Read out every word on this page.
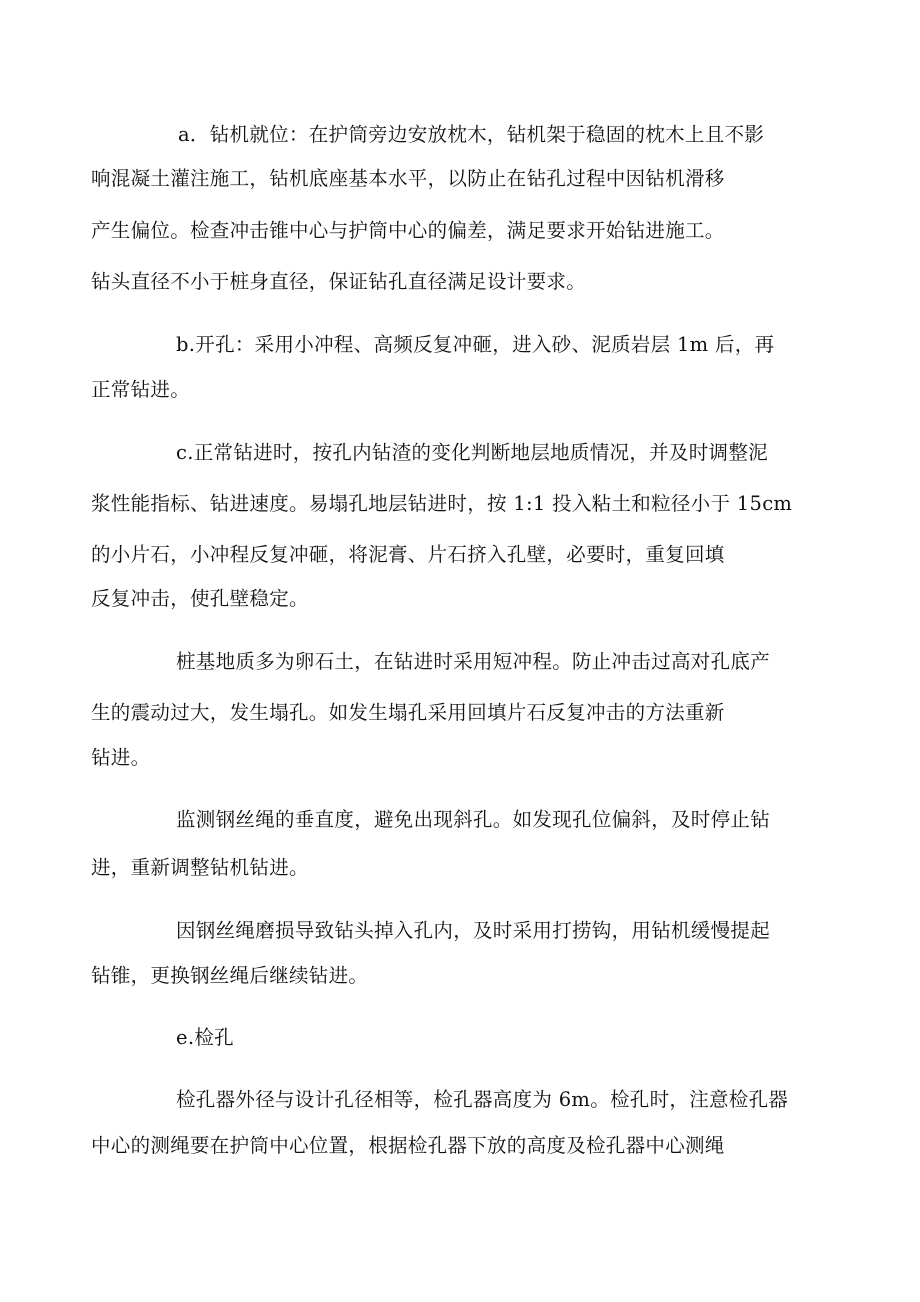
a．钻机就位：在护筒旁边安放枕木，钻机架于稳固的枕木上且不影
响混凝土灌注施工，钻机底座基本水平，以防止在钻孔过程中因钻机滑移
产生偏位。检查冲击锥中心与护筒中心的偏差，满足要求开始钻进施工。
钻头直径不小于桩身直径，保证钻孔直径满足设计要求。
b.开孔：采用小冲程、高频反复冲砸，进入砂、泥质岩层 1m 后，再
正常钻进。
c.正常钻进时，按孔内钻渣的变化判断地层地质情况，并及时调整泥
浆性能指标、钻进速度。易塌孔地层钻进时，按 1:1 投入粘土和粒径小于 15cm
的小片石，小冲程反复冲砸，将泥膏、片石挤入孔壁，必要时，重复回填
反复冲击，使孔壁稳定。
桩基地质多为卵石土，在钻进时采用短冲程。防止冲击过高对孔底产
生的震动过大，发生塌孔。如发生塌孔采用回填片石反复冲击的方法重新
钻进。
监测钢丝绳的垂直度，避免出现斜孔。如发现孔位偏斜，及时停止钻
进，重新调整钻机钻进。
因钢丝绳磨损导致钻头掉入孔内，及时采用打捞钩，用钻机缓慢提起
钻锥，更换钢丝绳后继续钻进。
e.检孔
检孔器外径与设计孔径相等，检孔器高度为 6m。检孔时，注意检孔器
中心的测绳要在护筒中心位置，根据检孔器下放的高度及检孔器中心测绳
